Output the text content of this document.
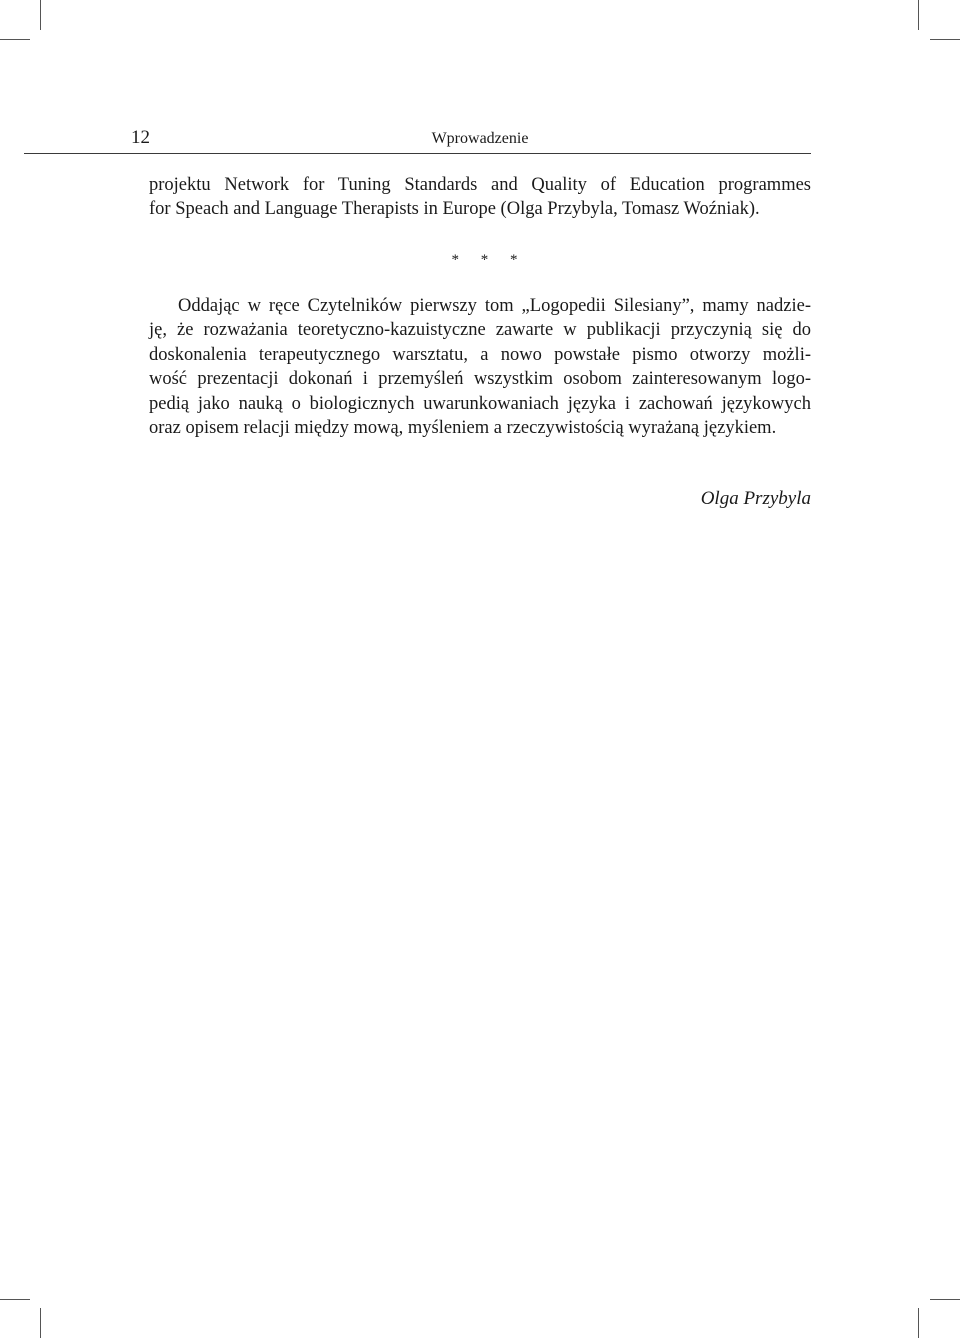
12	Wprowadzenie
projektu Network for Tuning Standards and Quality of Education programmes
for Speach and Language Therapists in Europe (Olga Przybyla, Tomasz Woźniak).
* * *
Oddając w ręce Czytelników pierwszy tom „Logopedii Silesiany”, mamy nadzie-
ję, że rozważania teoretyczno-kazuistyczne zawarte w publikacji przyczynią się do
doskonalenia terapeutycznego warsztatu, a nowo powstałe pismo otworzy możli-
wość prezentacji dokonań i przemyśleń wszystkim osobom zainteresowanym logo-
pedią jako nauką o biologicznych uwarunkowaniach języka i zachowań językowych
oraz opisem relacji między mową, myśleniem a rzeczywistością wyrażaną językiem.
Olga Przybyla
